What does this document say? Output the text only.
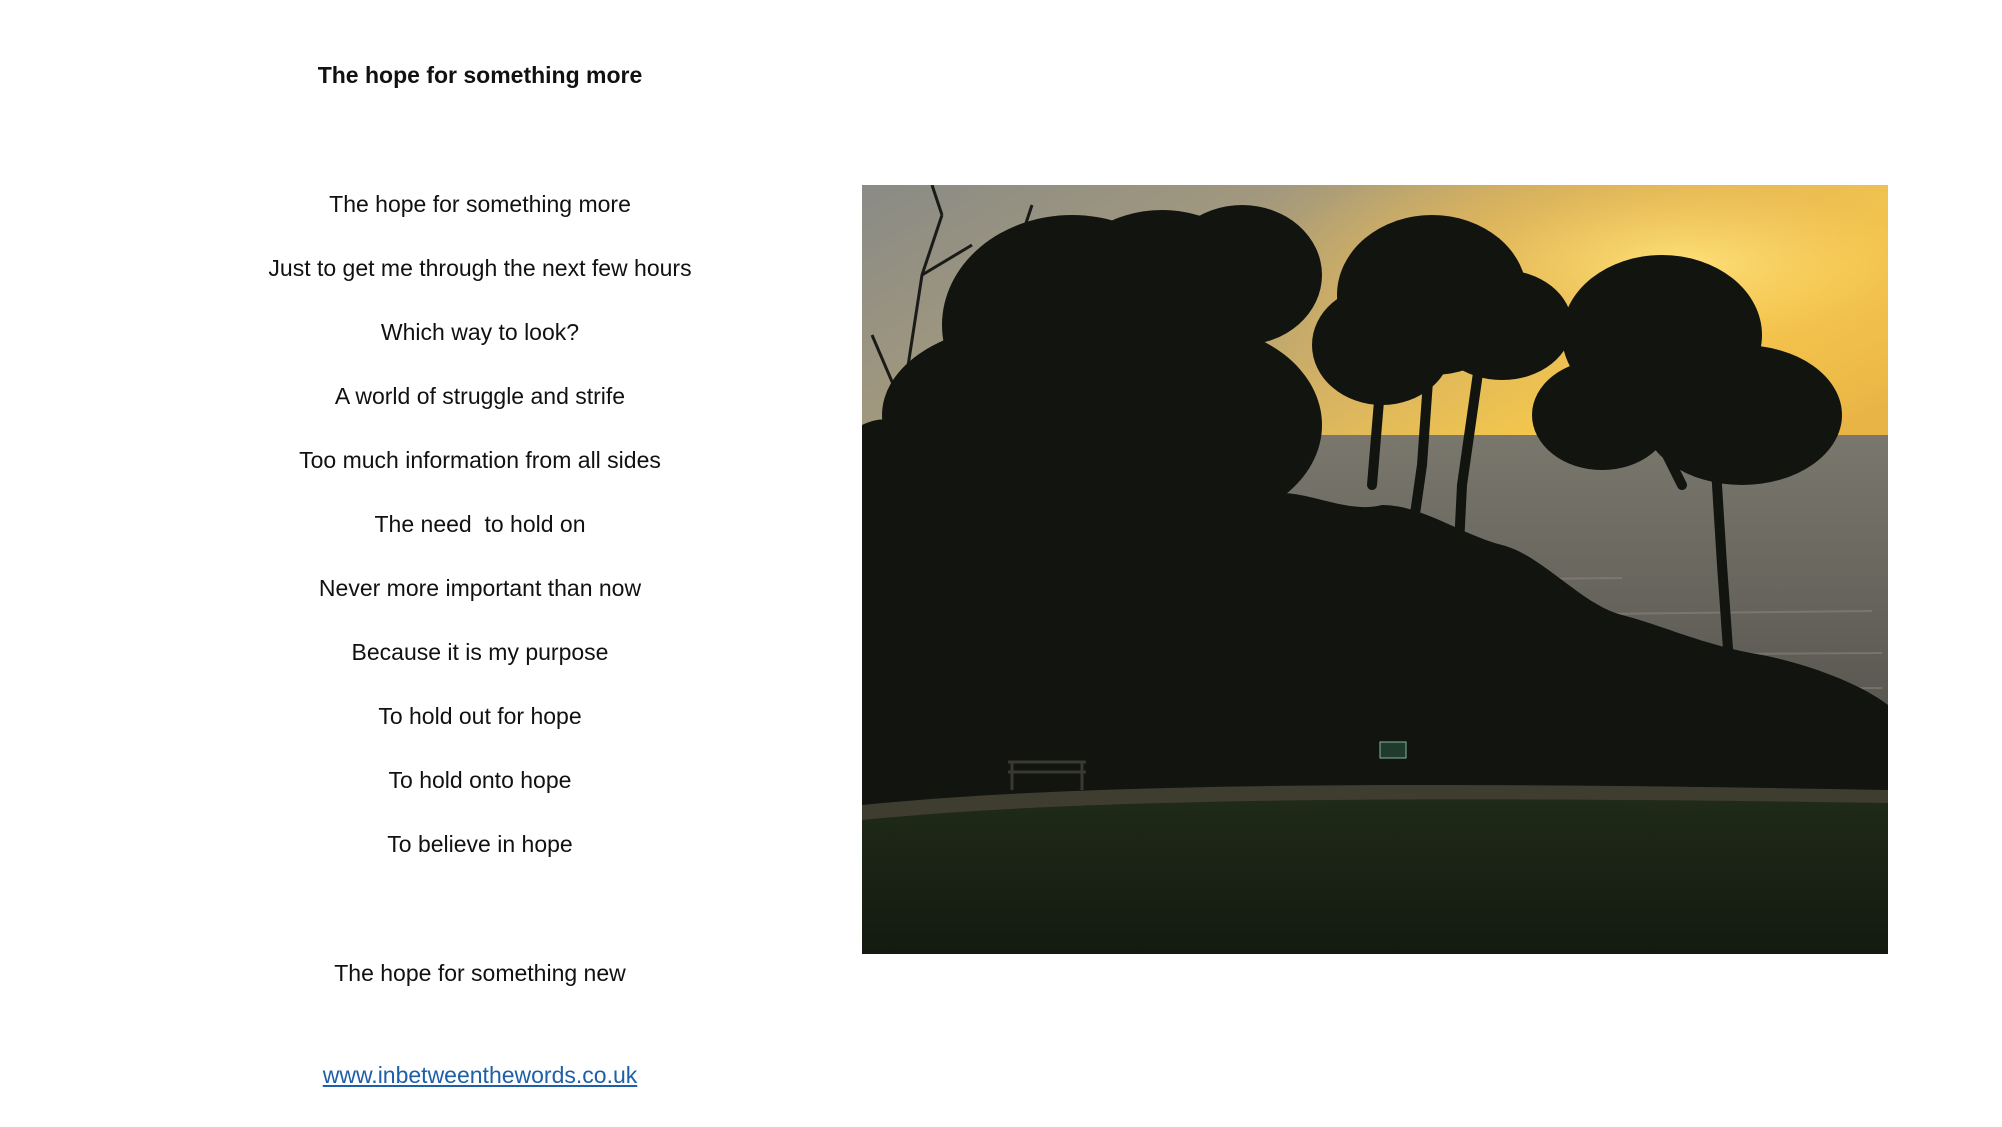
The hope for something more
The hope for something more
Just to get me through the next few hours
Which way to look?
A world of struggle and strife
Too much information from all sides
The need  to hold on
Never more important than now
Because it is my purpose
To hold out for hope
To hold onto hope
To believe in hope
The hope for something new
www.inbetweenthewords.co.uk
